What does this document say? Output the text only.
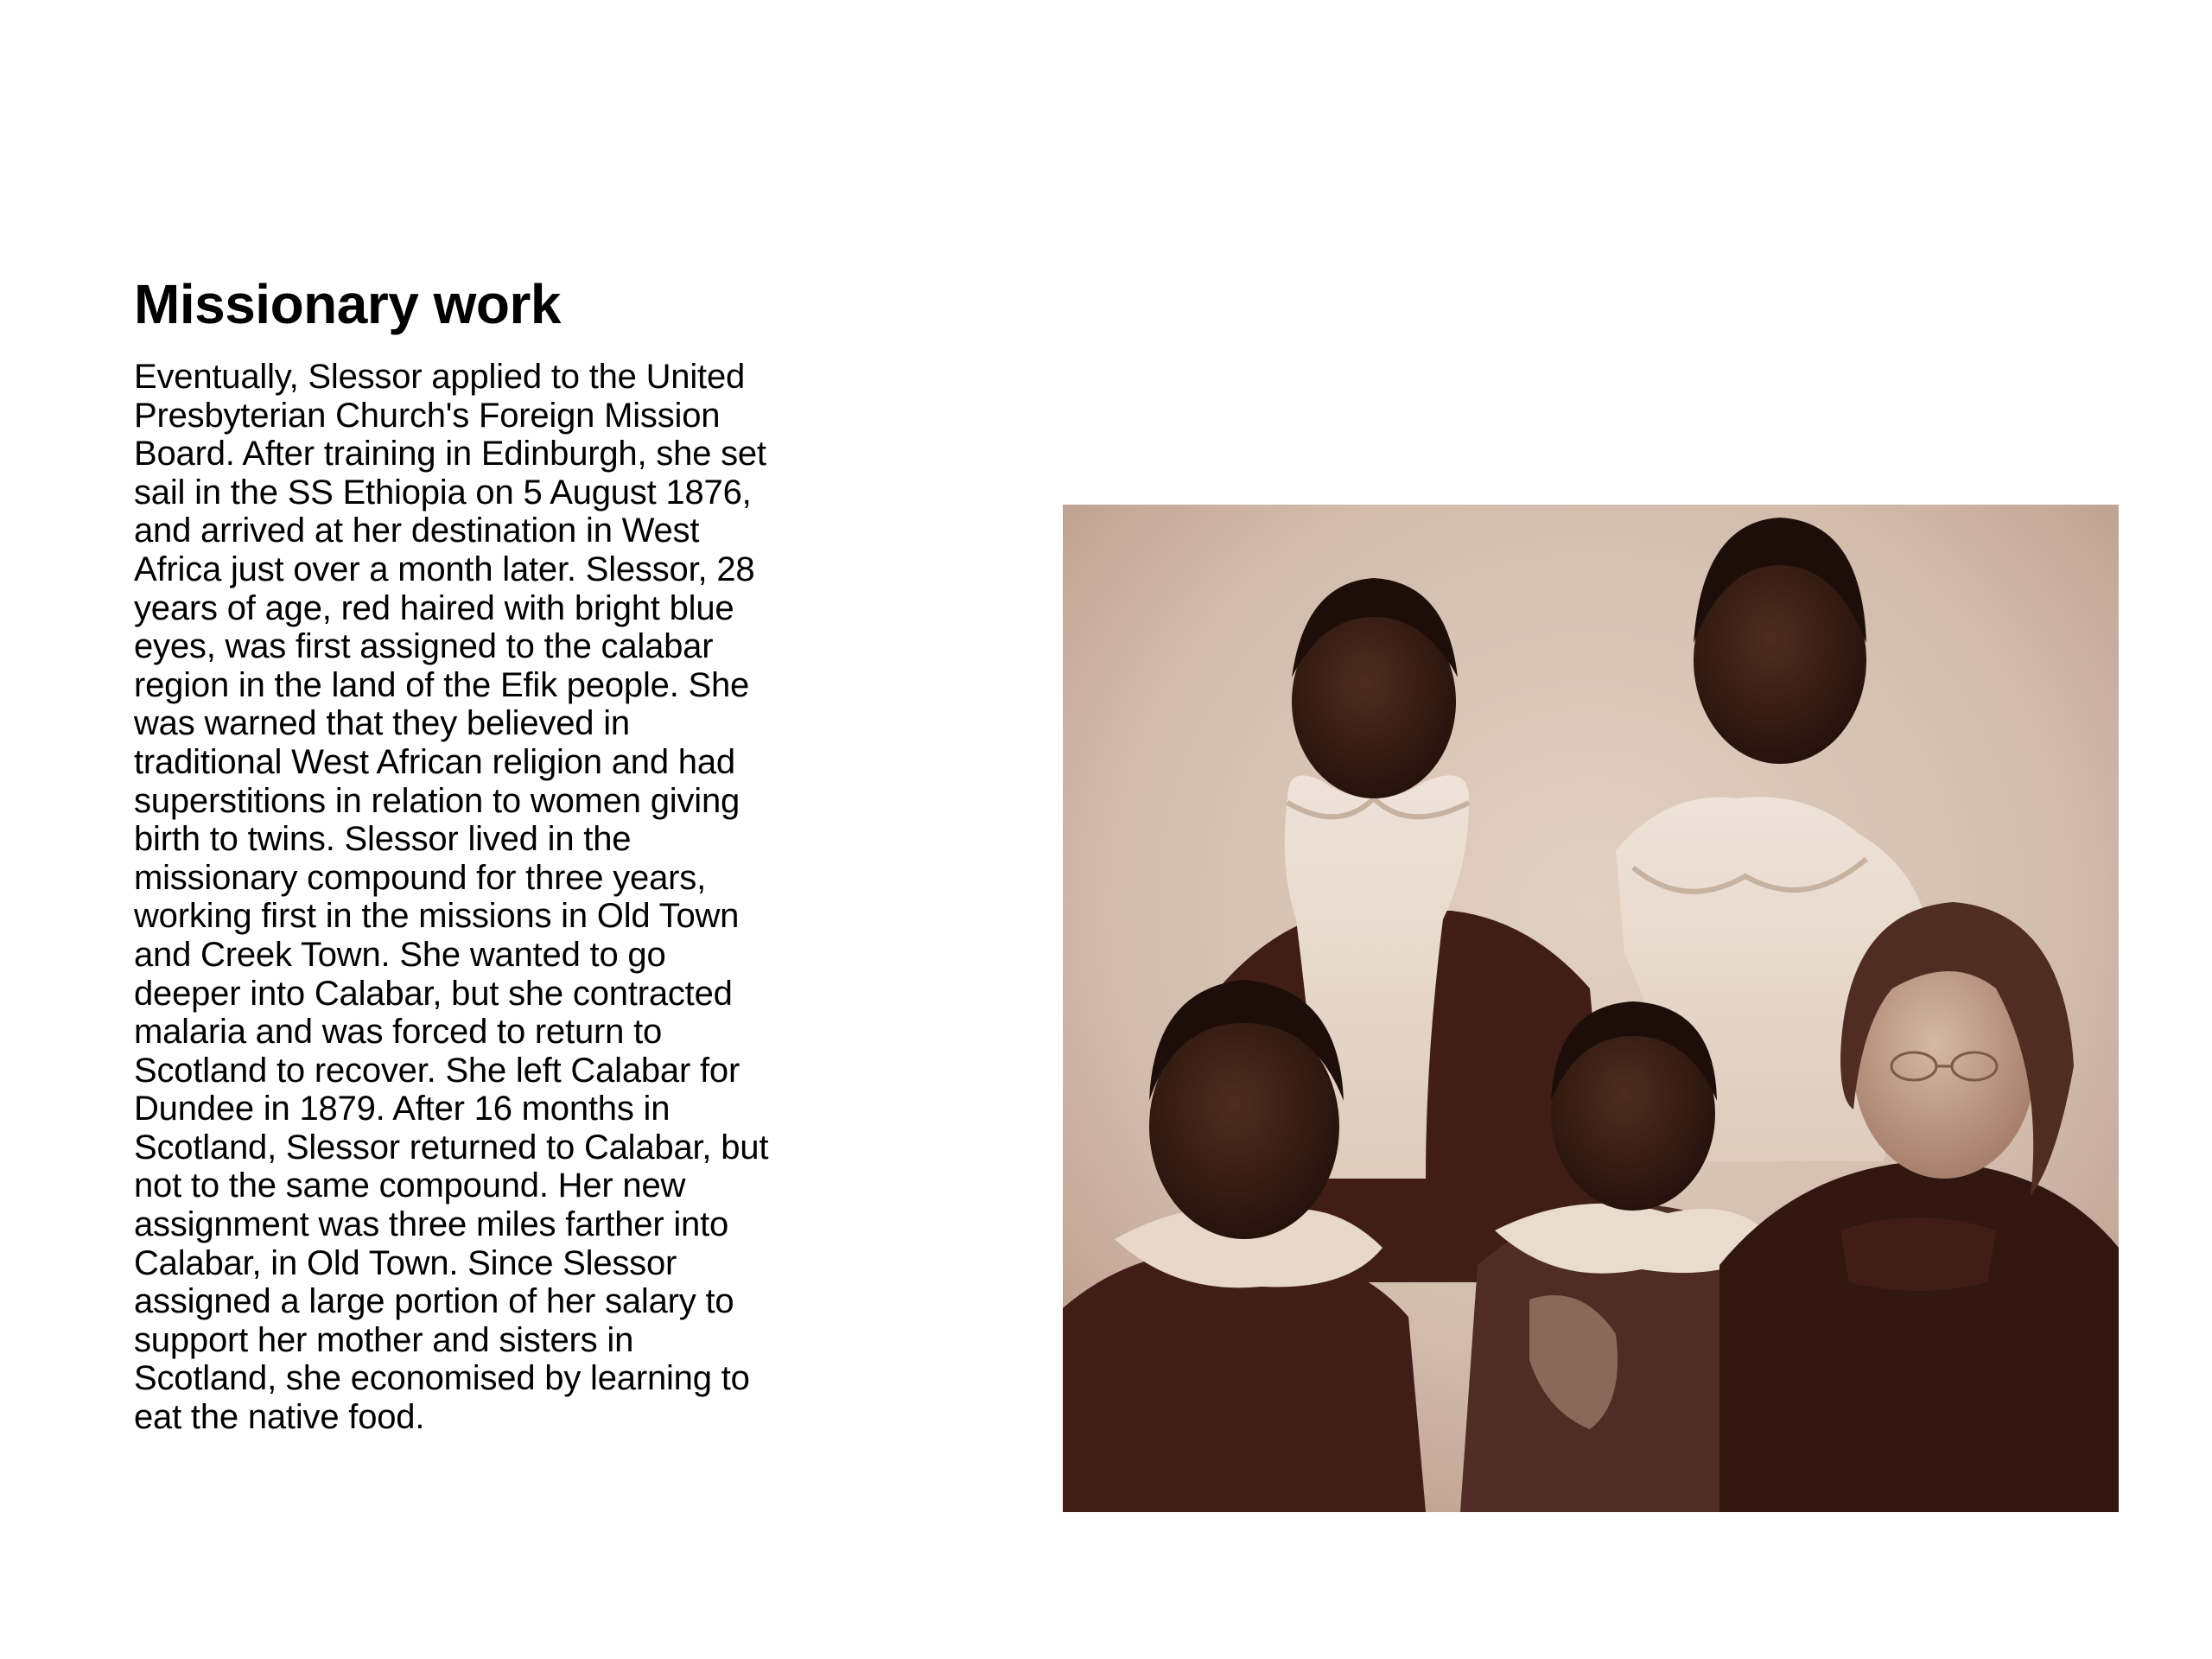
Missionary work

Eventually, Slessor applied to the United
Presbyterian Church's Foreign Mission
Board. After training in Edinburgh, she set
sail in the SS Ethiopia on 5 August 1876,
and arrived at her destination in West
Africa just over a month later. Slessor, 28
years of age, red haired with bright blue
eyes, was first assigned to the calabar
region in the land of the Efik people. She
was warned that they believed in
traditional West African religion and had
superstitions in relation to women giving
birth to twins. Slessor lived in the
missionary compound for three years,
working first in the missions in Old Town
and Creek Town. She wanted to go
deeper into Calabar, but she contracted
malaria and was forced to return to
Scotland to recover. She left Calabar for
Dundee in 1879. After 16 months in
Scotland, Slessor returned to Calabar, but
not to the same compound. Her new
assignment was three miles farther into
Calabar, in Old Town. Since Slessor
assigned a large portion of her salary to
support her mother and sisters in
Scotland, she economised by learning to
eat the native food.
